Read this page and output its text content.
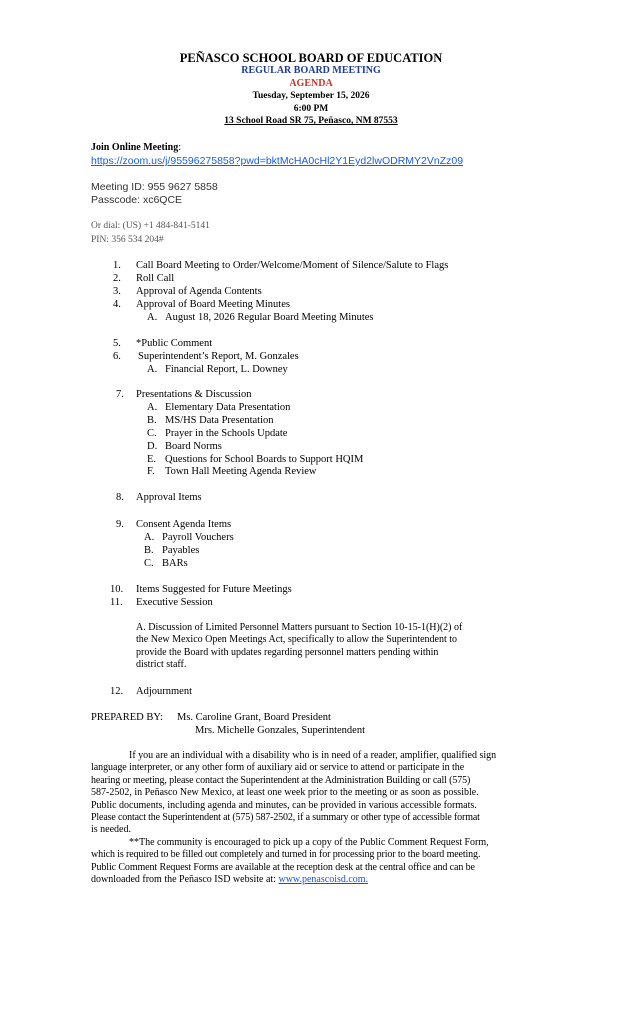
PEÑASCO SCHOOL BOARD OF EDUCATION
REGULAR BOARD MEETING
AGENDA
Tuesday, September 15, 2026
6:00 PM
13 School Road SR 75, Peñasco, NM 87553
Join Online Meeting:
https://zoom.us/j/95596275858?pwd=bktMcHA0cHl2Y1Eyd2lwODRMY2VnZz09
Meeting ID: 955 9627 5858
Passcode: xc6QCE
Or dial: (US) +1 484-841-5141
PIN: 356 534 204#
1. Call Board Meeting to Order/Welcome/Moment of Silence/Salute to Flags
2. Roll Call
3. Approval of Agenda Contents
4. Approval of Board Meeting Minutes
A. August 18, 2026 Regular Board Meeting Minutes
5. *Public Comment
6. Superintendent’s Report, M. Gonzales
A. Financial Report, L. Downey
7. Presentations & Discussion
A. Elementary Data Presentation
B. MS/HS Data Presentation
C. Prayer in the Schools Update
D. Board Norms
E. Questions for School Boards to Support HQIM
F. Town Hall Meeting Agenda Review
8. Approval Items
9. Consent Agenda Items
A. Payroll Vouchers
B. Payables
C. BARs
10. Items Suggested for Future Meetings
11. Executive Session
A. Discussion of Limited Personnel Matters pursuant to Section 10-15-1(H)(2) of
the New Mexico Open Meetings Act, specifically to allow the Superintendent to
provide the Board with updates regarding personnel matters pending within
district staff.
12. Adjournment
PREPARED BY: Ms. Caroline Grant, Board President
Mrs. Michelle Gonzales, Superintendent
If you are an individual with a disability who is in need of a reader, amplifier, qualified sign
language interpreter, or any other form of auxiliary aid or service to attend or participate in the
hearing or meeting, please contact the Superintendent at the Administration Building or call (575)
587-2502, in Peñasco New Mexico, at least one week prior to the meeting or as soon as possible.
Public documents, including agenda and minutes, can be provided in various accessible formats.
Please contact the Superintendent at (575) 587-2502, if a summary or other type of accessible format
is needed.
**The community is encouraged to pick up a copy of the Public Comment Request Form,
which is required to be filled out completely and turned in for processing prior to the board meeting.
Public Comment Request Forms are available at the reception desk at the central office and can be
downloaded from the Peñasco ISD website at: www.penascoisd.com.
